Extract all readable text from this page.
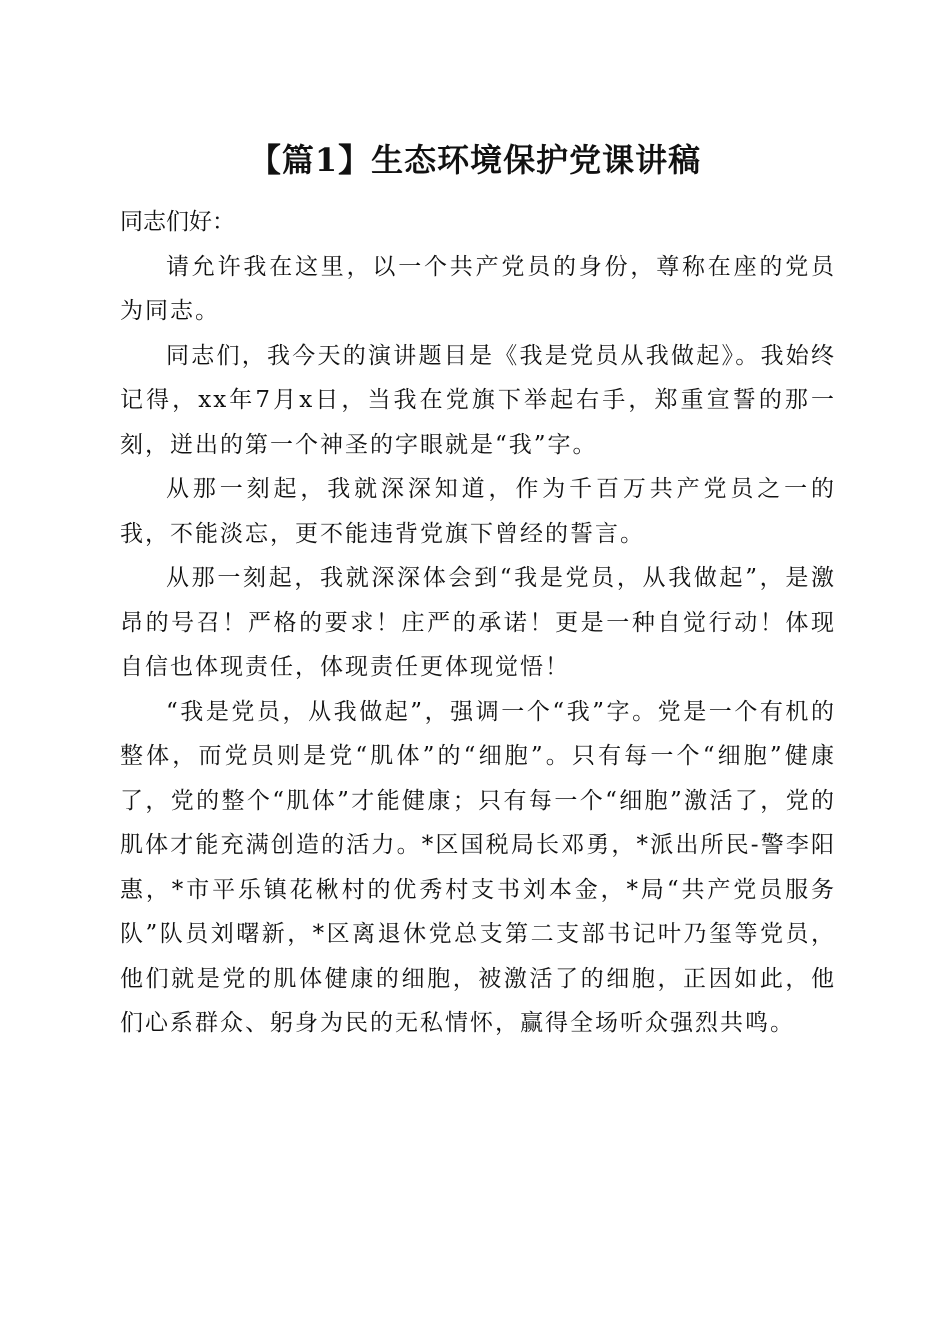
【篇1】生态环境保护党课讲稿

同志们好：

请允许我在这里，以一个共产党员的身份，尊称在座的党员为同志。

同志们，我今天的演讲题目是《我是党员从我做起》。我始终记得，xx年7月x日，当我在党旗下举起右手，郑重宣誓的那一刻，迸出的第一个神圣的字眼就是“我”字。

从那一刻起，我就深深知道，作为千百万共产党员之一的我，不能淡忘，更不能违背党旗下曾经的誓言。

从那一刻起，我就深深体会到“我是党员，从我做起”，是激昂的号召！严格的要求！庄严的承诺！更是一种自觉行动！体现自信也体现责任，体现责任更体现觉悟！

“我是党员，从我做起”，强调一个“我”字。党是一个有机的整体，而党员则是党“肌体”的“细胞”。只有每一个“细胞”健康了，党的整个“肌体”才能健康；只有每一个“细胞”激活了，党的肌体才能充满创造的活力。*区国税局长邓勇，*派出所民-警李阳惠，*市平乐镇花楸村的优秀村支书刘本金，*局“共产党员服务队”队员刘曙新，*区离退休党总支第二支部书记叶乃玺等党员，他们就是党的肌体健康的细胞，被激活了的细胞，正因如此，他们心系群众、躬身为民的无私情怀，赢得全场听众强烈共鸣。
